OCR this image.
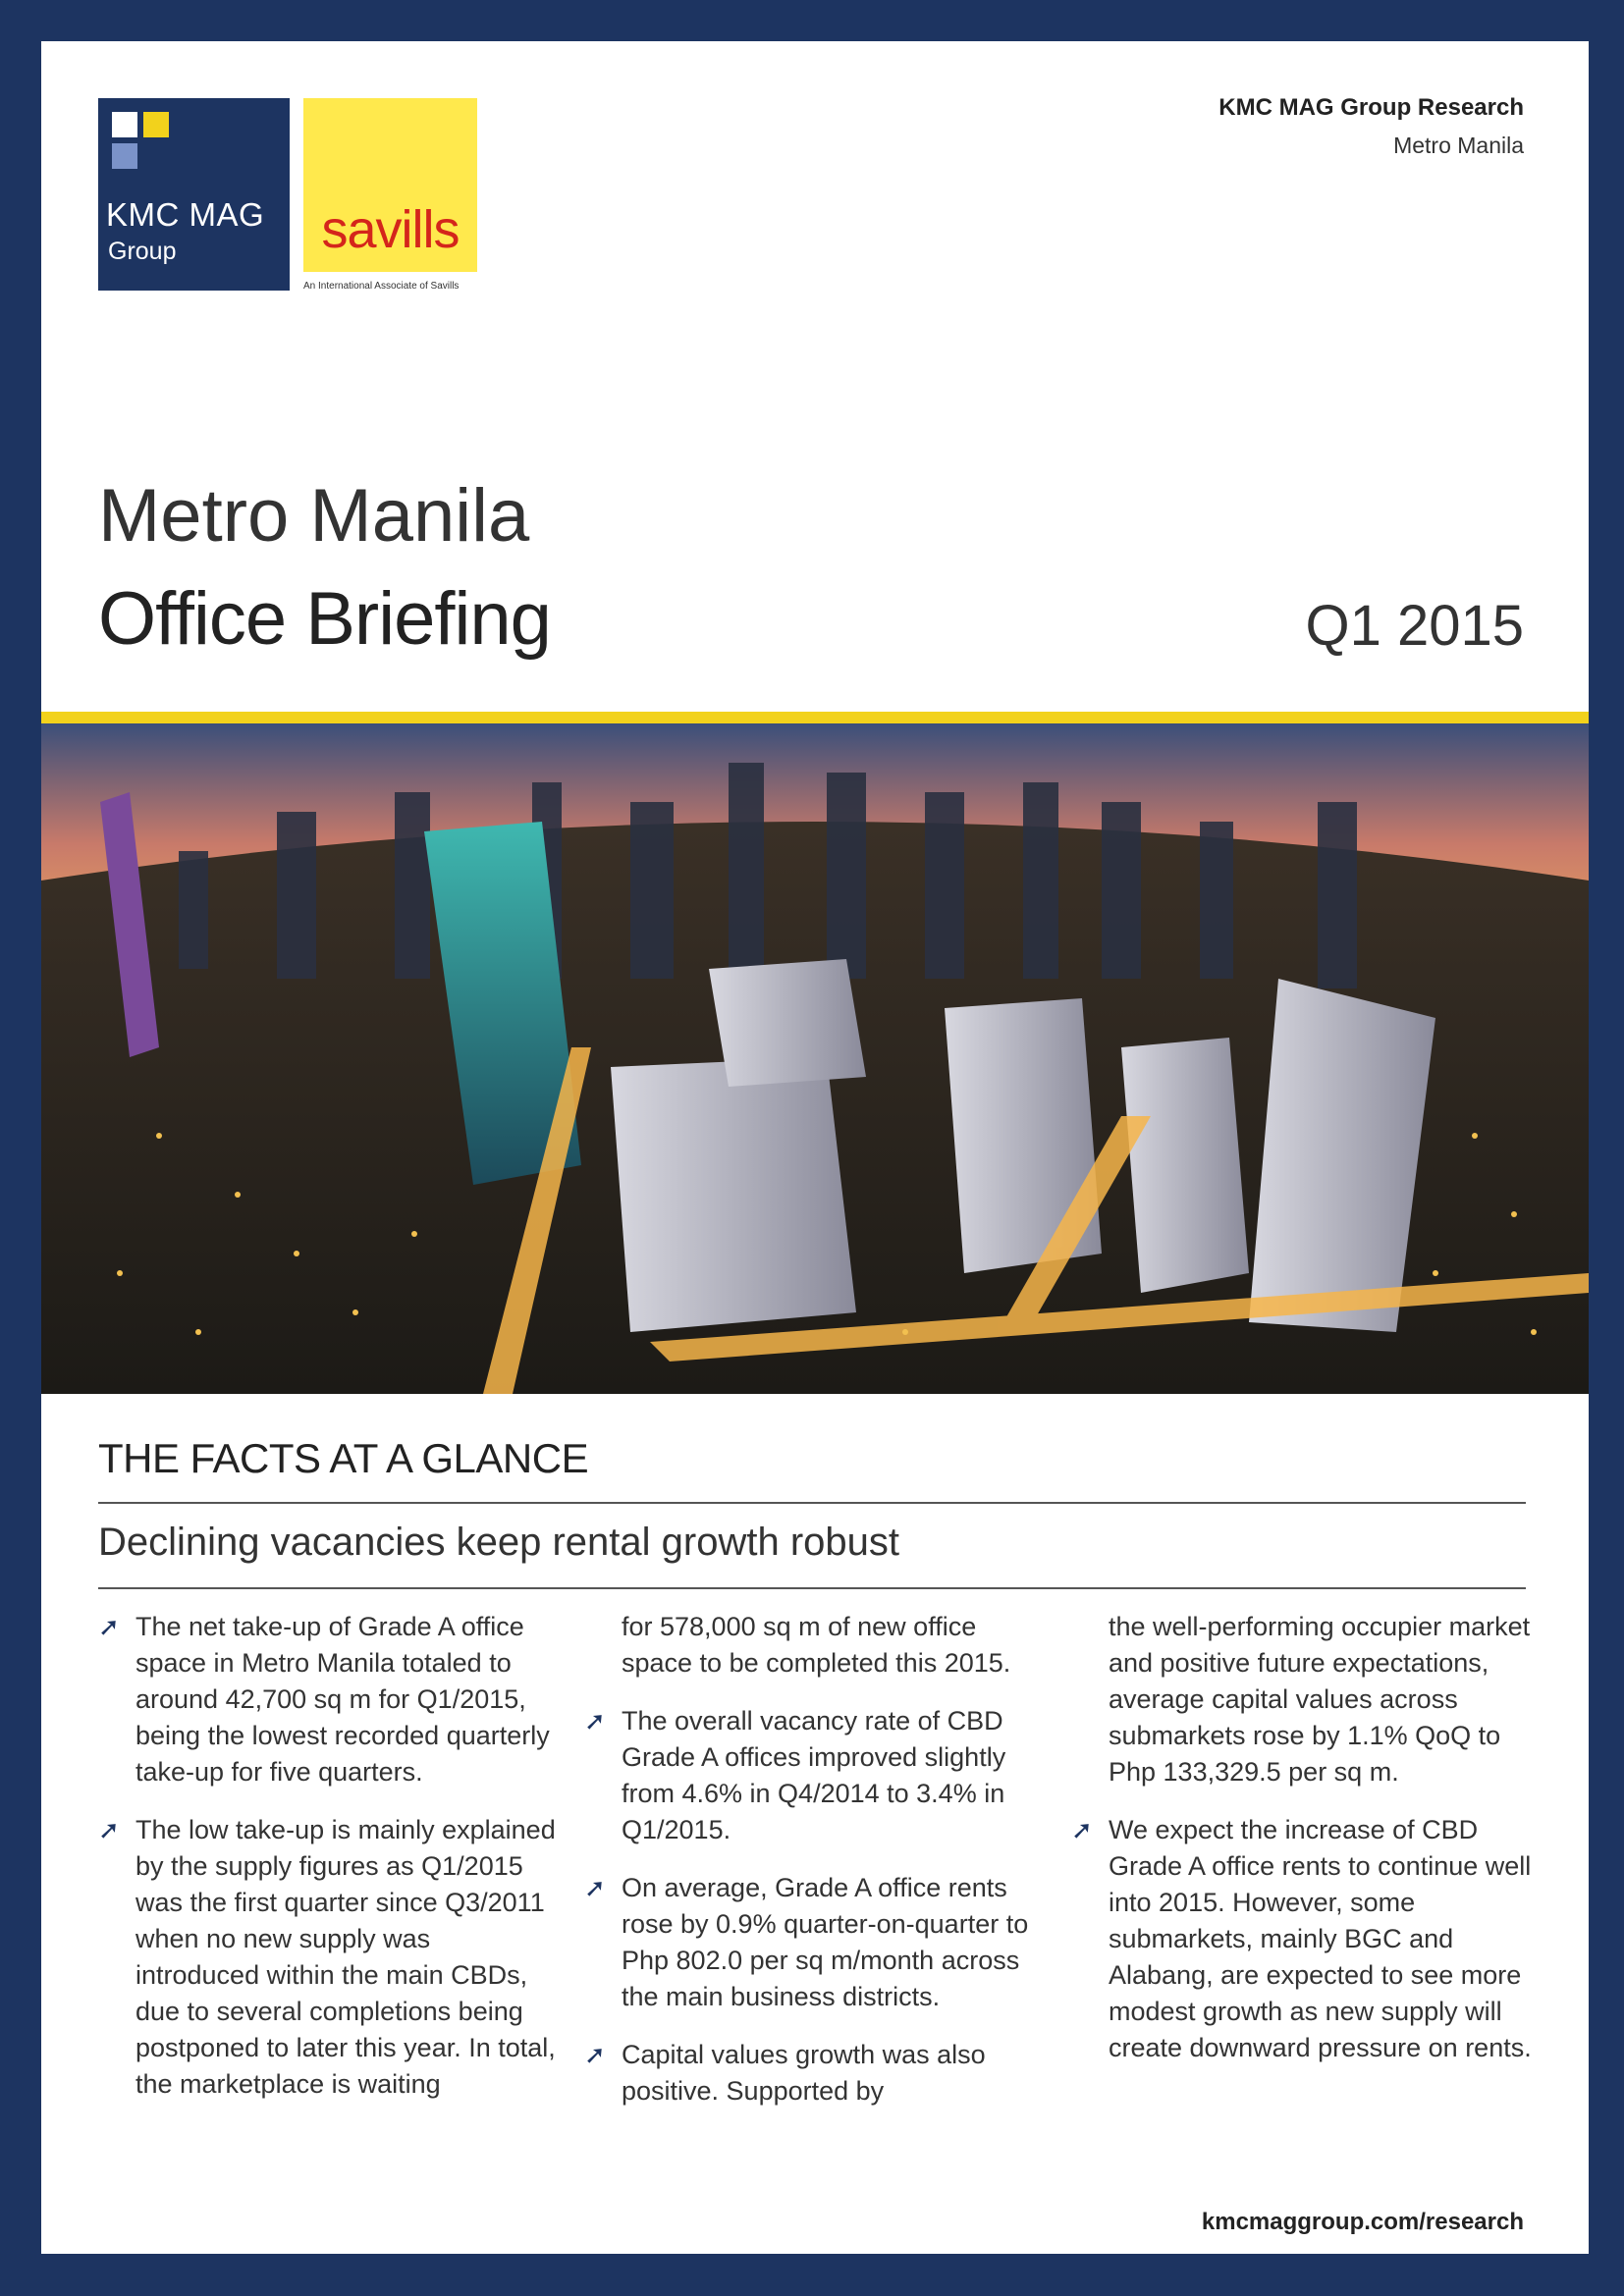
KMC MAG
Group	savills
An International Associate of Savills
KMC MAG Group Research
Metro Manila
Metro Manila
Office Briefing	Q1 2015
THE FACTS AT A GLANCE
Declining vacancies keep rental growth robust
➚ The net take-up of Grade A office space in Metro Manila totaled to around 42,700 sq m for Q1/2015, being the lowest recorded quarterly take-up for five quarters.
➚ The low take-up is mainly explained by the supply figures as Q1/2015 was the first quarter since Q3/2011 when no new supply was introduced within the main CBDs, due to several completions being postponed to later this year. In total, the marketplace is waiting
for 578,000 sq m of new office space to be completed this 2015.
➚ The overall vacancy rate of CBD Grade A offices improved slightly from 4.6% in Q4/2014 to 3.4% in Q1/2015.
➚ On average, Grade A office rents rose by 0.9% quarter-on-quarter to Php 802.0 per sq m/month across the main business districts.
➚ Capital values growth was also positive. Supported by
the well-performing occupier market and positive future expectations, average capital values across submarkets rose by 1.1% QoQ to Php 133,329.5 per sq m.
➚ We expect the increase of CBD Grade A office rents to continue well into 2015. However, some submarkets, mainly BGC and Alabang, are expected to see more modest growth as new supply will create downward pressure on rents.
kmcmaggroup.com/research
